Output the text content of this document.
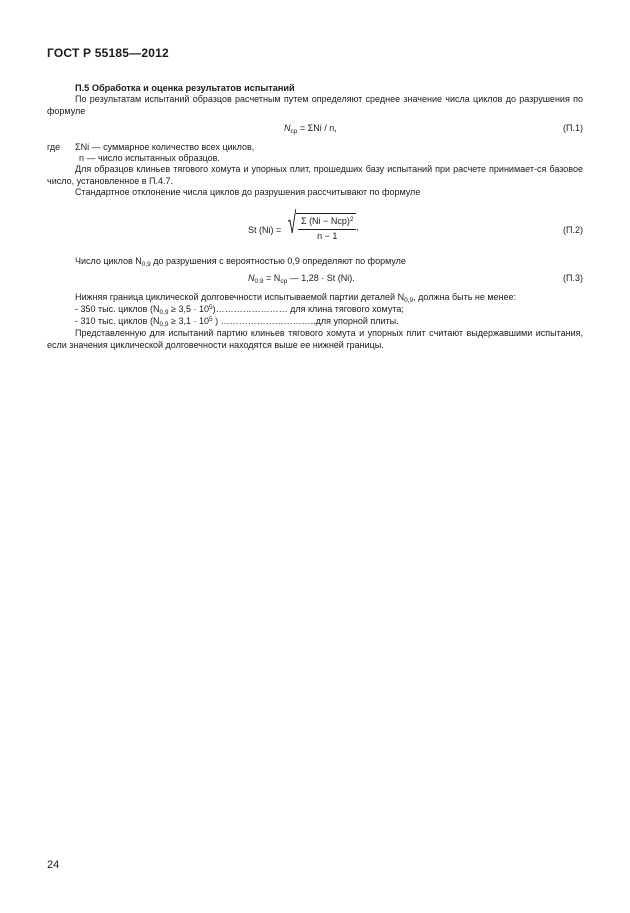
ГОСТ Р 55185—2012
П.5 Обработка и оценка результатов испытаний
По результатам испытаний образцов расчетным путем определяют среднее значение числа циклов до разрушения по формуле
$N_{ср} = \Sigma Ni / n$,	(П.1)
где ΣNi — суммарное количество всех циклов,
n — число испытанных образцов.
Для образцов клиньев тягового хомута и упорных плит, прошедших базу испытаний при расчете принимает-ся базовое число, установленное в П.4.7.
Стандартное отклонение числа циклов до разрушения рассчитывают по формуле
St (Ni) = √ $\frac{\Sigma (Ni - Ncp)^2}{n - 1}$ ,	(П.2)
Число циклов $N_{0,9}$ до разрушения с вероятностью 0,9 определяют по формуле
$N_{0.9} = N_{ср}$ — 1,28 · St (Ni).	(П.3)
Нижняя граница циклической долговечности испытываемой партии деталей $N_{0,9}$, должна быть не менее:
- 350 тыс. циклов ($N_{0,9} \ge 3,5$ · $10^5)\dots\dots\dots\dots\dots\dots\dots\dots$ для клина тягового хомута;
- 310 тыс. циклов ($N_{0,9} \ge 3,1 \cdot 10^5$ ) …………………………..для упорной плиты.
Представленную для испытаний партию клиньев тягового хомута и упорных плит считают выдержавшими испытания, если значения циклической долговечности находятся выше ее нижней границы.
24
